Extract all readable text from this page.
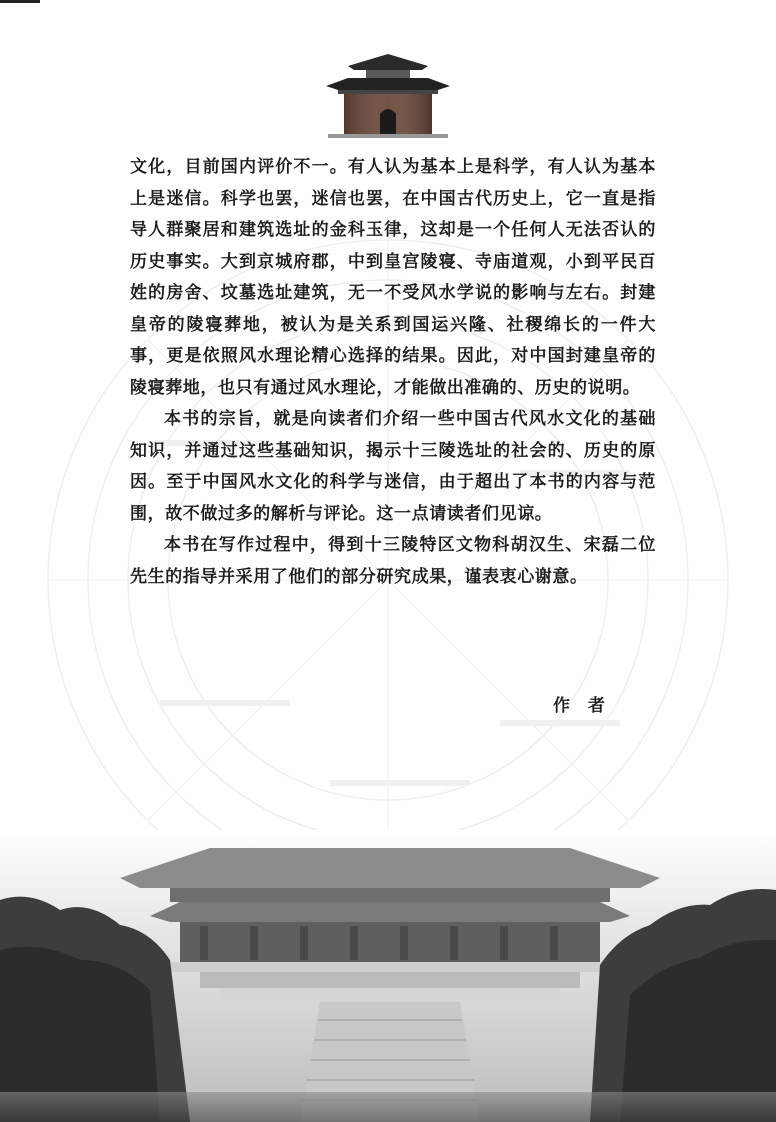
文化，目前国内评价不一。有人认为基本上是科学，有人认为基本上是迷信。科学也罢，迷信也罢，在中国古代历史上，它一直是指导人群聚居和建筑选址的金科玉律，这却是一个任何人无法否认的历史事实。大到京城府郡，中到皇宫陵寝、寺庙道观，小到平民百姓的房舍、坟墓选址建筑，无一不受风水学说的影响与左右。封建皇帝的陵寝葬地，被认为是关系到国运兴隆、社稷绵长的一件大事，更是依照风水理论精心选择的结果。因此，对中国封建皇帝的陵寝葬地，也只有通过风水理论，才能做出准确的、历史的说明。

本书的宗旨，就是向读者们介绍一些中国古代风水文化的基础知识，并通过这些基础知识，揭示十三陵选址的社会的、历史的原因。至于中国风水文化的科学与迷信，由于超出了本书的内容与范围，故不做过多的解析与评论。这一点请读者们见谅。

本书在写作过程中，得到十三陵特区文物科胡汉生、宋磊二位先生的指导并采用了他们的部分研究成果，谨表衷心谢意。

作 者
